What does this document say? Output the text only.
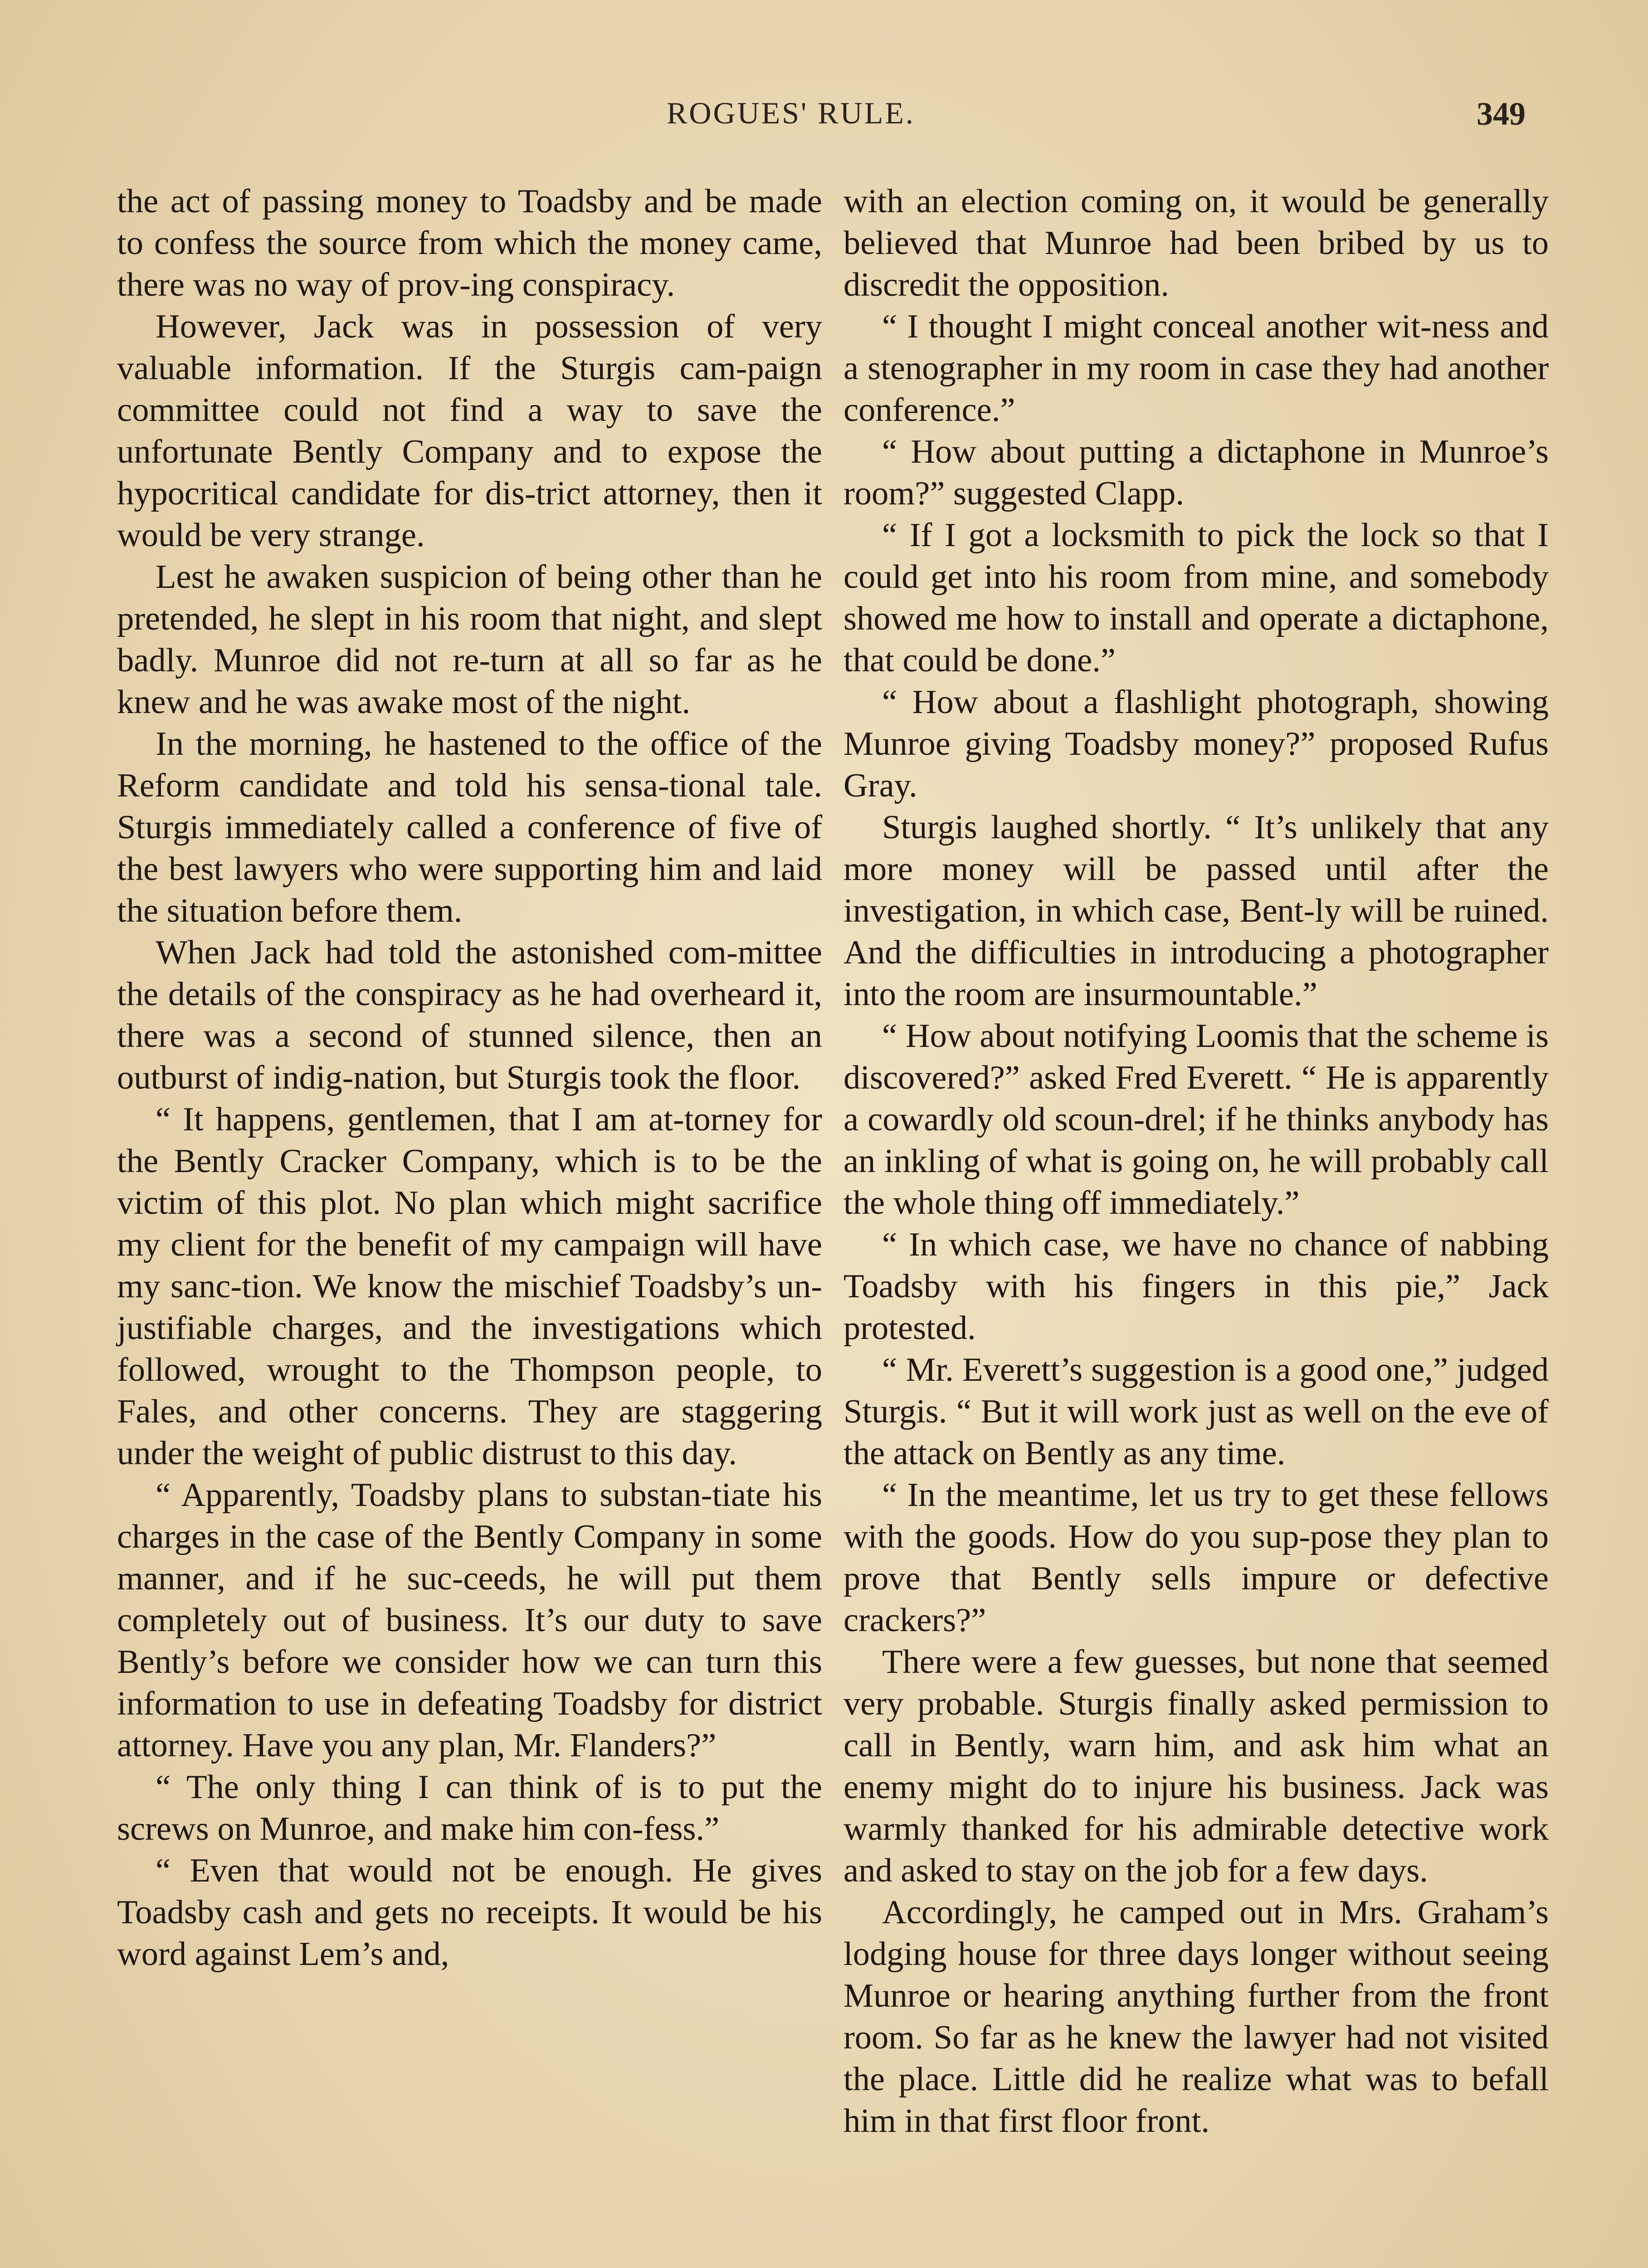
ROGUES' RULE.	349

the act of passing money to Toadsby and be made to confess the source from which the money came, there was no way of prov-ing conspiracy.

However, Jack was in possession of very valuable information. If the Sturgis cam-paign committee could not find a way to save the unfortunate Bently Company and to expose the hypocritical candidate for dis-trict attorney, then it would be very strange.

Lest he awaken suspicion of being other than he pretended, he slept in his room that night, and slept badly. Munroe did not re-turn at all so far as he knew and he was awake most of the night.

In the morning, he hastened to the office of the Reform candidate and told his sensa-tional tale. Sturgis immediately called a conference of five of the best lawyers who were supporting him and laid the situation before them.

When Jack had told the astonished com-mittee the details of the conspiracy as he had overheard it, there was a second of stunned silence, then an outburst of indig-nation, but Sturgis took the floor.

“ It happens, gentlemen, that I am at-torney for the Bently Cracker Company, which is to be the victim of this plot. No plan which might sacrifice my client for the benefit of my campaign will have my sanc-tion. We know the mischief Toadsby’s un-justifiable charges, and the investigations which followed, wrought to the Thompson people, to Fales, and other concerns. They are staggering under the weight of public distrust to this day.

“ Apparently, Toadsby plans to substan-tiate his charges in the case of the Bently Company in some manner, and if he suc-ceeds, he will put them completely out of business. It’s our duty to save Bently’s before we consider how we can turn this information to use in defeating Toadsby for district attorney. Have you any plan, Mr. Flanders?”

“ The only thing I can think of is to put the screws on Munroe, and make him con-fess.”

“ Even that would not be enough. He gives Toadsby cash and gets no receipts. It would be his word against Lem’s and,

with an election coming on, it would be generally believed that Munroe had been bribed by us to discredit the opposition.

“ I thought I might conceal another wit-ness and a stenographer in my room in case they had another conference.”

“ How about putting a dictaphone in Munroe’s room?” suggested Clapp.

“ If I got a locksmith to pick the lock so that I could get into his room from mine, and somebody showed me how to install and operate a dictaphone, that could be done.”

“ How about a flashlight photograph, showing Munroe giving Toadsby money?” proposed Rufus Gray.

Sturgis laughed shortly. “ It’s unlikely that any more money will be passed until after the investigation, in which case, Bent-ly will be ruined. And the difficulties in introducing a photographer into the room are insurmountable.”

“ How about notifying Loomis that the scheme is discovered?” asked Fred Everett. “ He is apparently a cowardly old scoun-drel; if he thinks anybody has an inkling of what is going on, he will probably call the whole thing off immediately.”

“ In which case, we have no chance of nabbing Toadsby with his fingers in this pie,” Jack protested.

“ Mr. Everett’s suggestion is a good one,” judged Sturgis. “ But it will work just as well on the eve of the attack on Bently as any time.

“ In the meantime, let us try to get these fellows with the goods. How do you sup-pose they plan to prove that Bently sells impure or defective crackers?”

There were a few guesses, but none that seemed very probable. Sturgis finally asked permission to call in Bently, warn him, and ask him what an enemy might do to injure his business. Jack was warmly thanked for his admirable detective work and asked to stay on the job for a few days.

Accordingly, he camped out in Mrs. Graham’s lodging house for three days longer without seeing Munroe or hearing anything further from the front room. So far as he knew the lawyer had not visited the place. Little did he realize what was to befall him in that first floor front.
